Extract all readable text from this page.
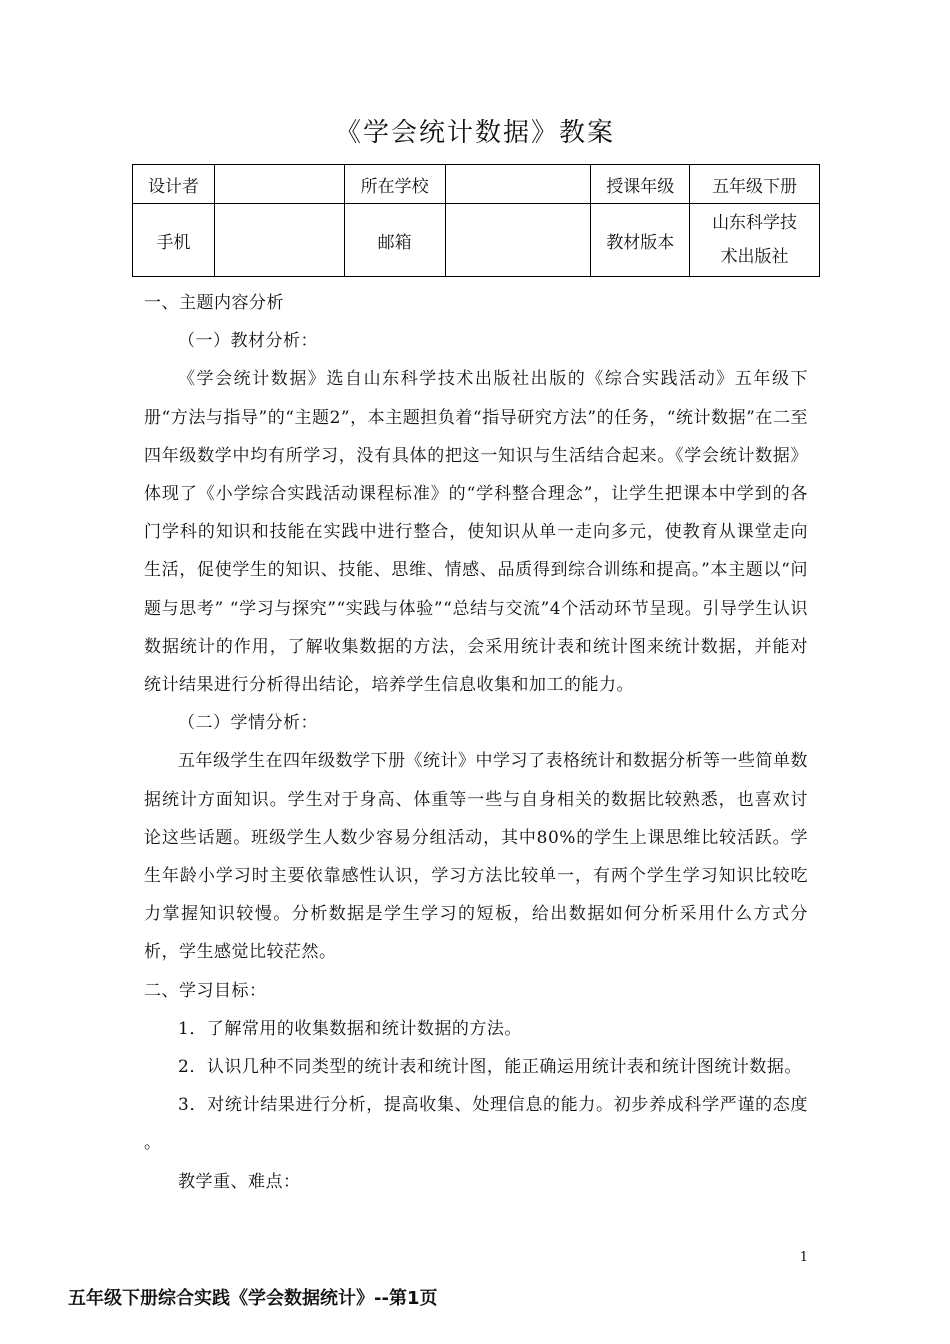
《学会统计数据》教案
设计者		所在学校		授课年级	五年级下册
手机		邮箱		教材版本	山东科学技
术出版社

一、主题内容分析

（一）教材分析：

《学会统计数据》选自山东科学技术出版社出版的《综合实践活动》五年级下册“方法与指导”的“主题2”，本主题担负着“指导研究方法”的任务，“统计数据”在二至四年级数学中均有所学习，没有具体的把这一知识与生活结合起来。《学会统计数据》体现了《小学综合实践活动课程标准》的“学科整合理念”，让学生把课本中学到的各门学科的知识和技能在实践中进行整合，使知识从单一走向多元，使教育从课堂走向生活，促使学生的知识、技能、思维、情感、品质得到综合训练和提高。”本主题以“问题与思考” “学习与探究”“实践与体验”“总结与交流”4个活动环节呈现。引导学生认识数据统计的作用，了解收集数据的方法，会采用统计表和统计图来统计数据，并能对统计结果进行分析得出结论，培养学生信息收集和加工的能力。

（二）学情分析：

五年级学生在四年级数学下册《统计》中学习了表格统计和数据分析等一些简单数据统计方面知识。学生对于身高、体重等一些与自身相关的数据比较熟悉，也喜欢讨论这些话题。班级学生人数少容易分组活动，其中80%的学生上课思维比较活跃。学生年龄小学习时主要依靠感性认识，学习方法比较单一，有两个学生学习知识比较吃力掌握知识较慢。分析数据是学生学习的短板，给出数据如何分析采用什么方式分析，学生感觉比较茫然。

二、学习目标：

1．了解常用的收集数据和统计数据的方法。

2．认识几种不同类型的统计表和统计图，能正确运用统计表和统计图统计数据。

3．对统计结果进行分析，提高收集、处理信息的能力。初步养成科学严谨的态度 。

教学重、难点：

1
五年级下册综合实践《学会数据统计》--第1页
